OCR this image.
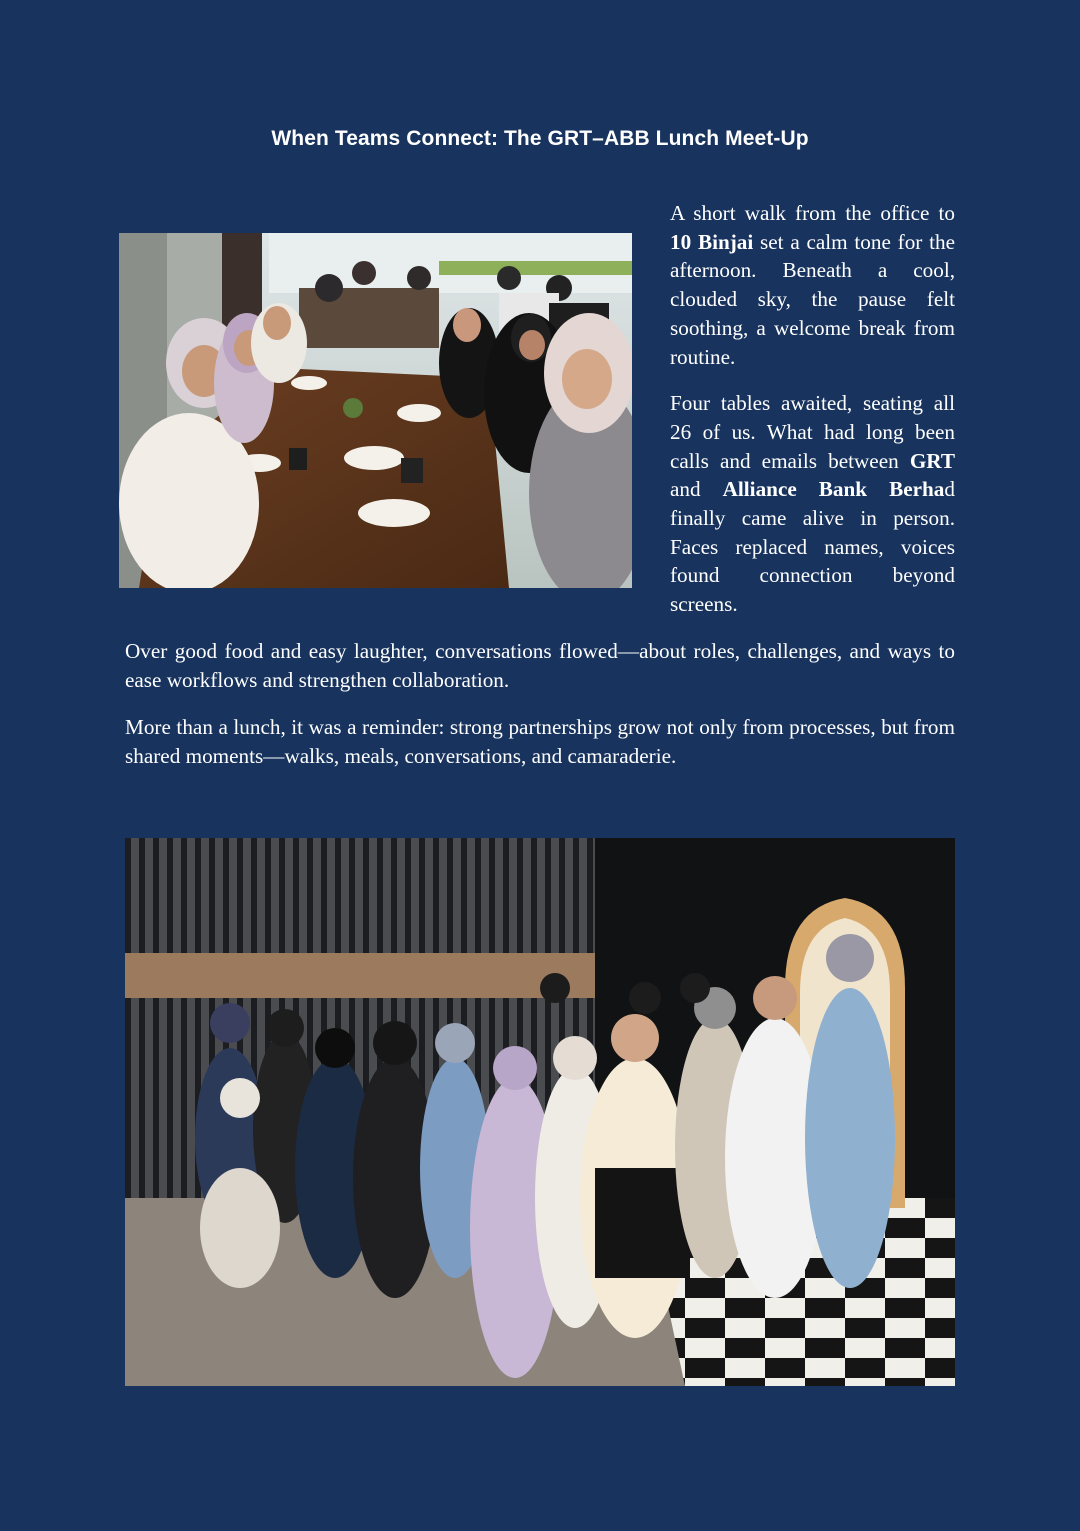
When Teams Connect: The GRT–ABB Lunch Meet-Up

A short walk from the office to 10 Binjai set a calm tone for the afternoon. Beneath a cool, clouded sky, the pause felt soothing, a welcome break from routine.

Four tables awaited, seating all 26 of us. What had long been calls and emails between GRT and Alliance Bank Berhad finally came alive in person. Faces replaced names, voices found connection beyond screens.

Over good food and easy laughter, conversations flowed—about roles, challenges, and ways to ease workflows and strengthen collaboration.

More than a lunch, it was a reminder: strong partnerships grow not only from processes, but from shared moments—walks, meals, conversations, and camaraderie.
